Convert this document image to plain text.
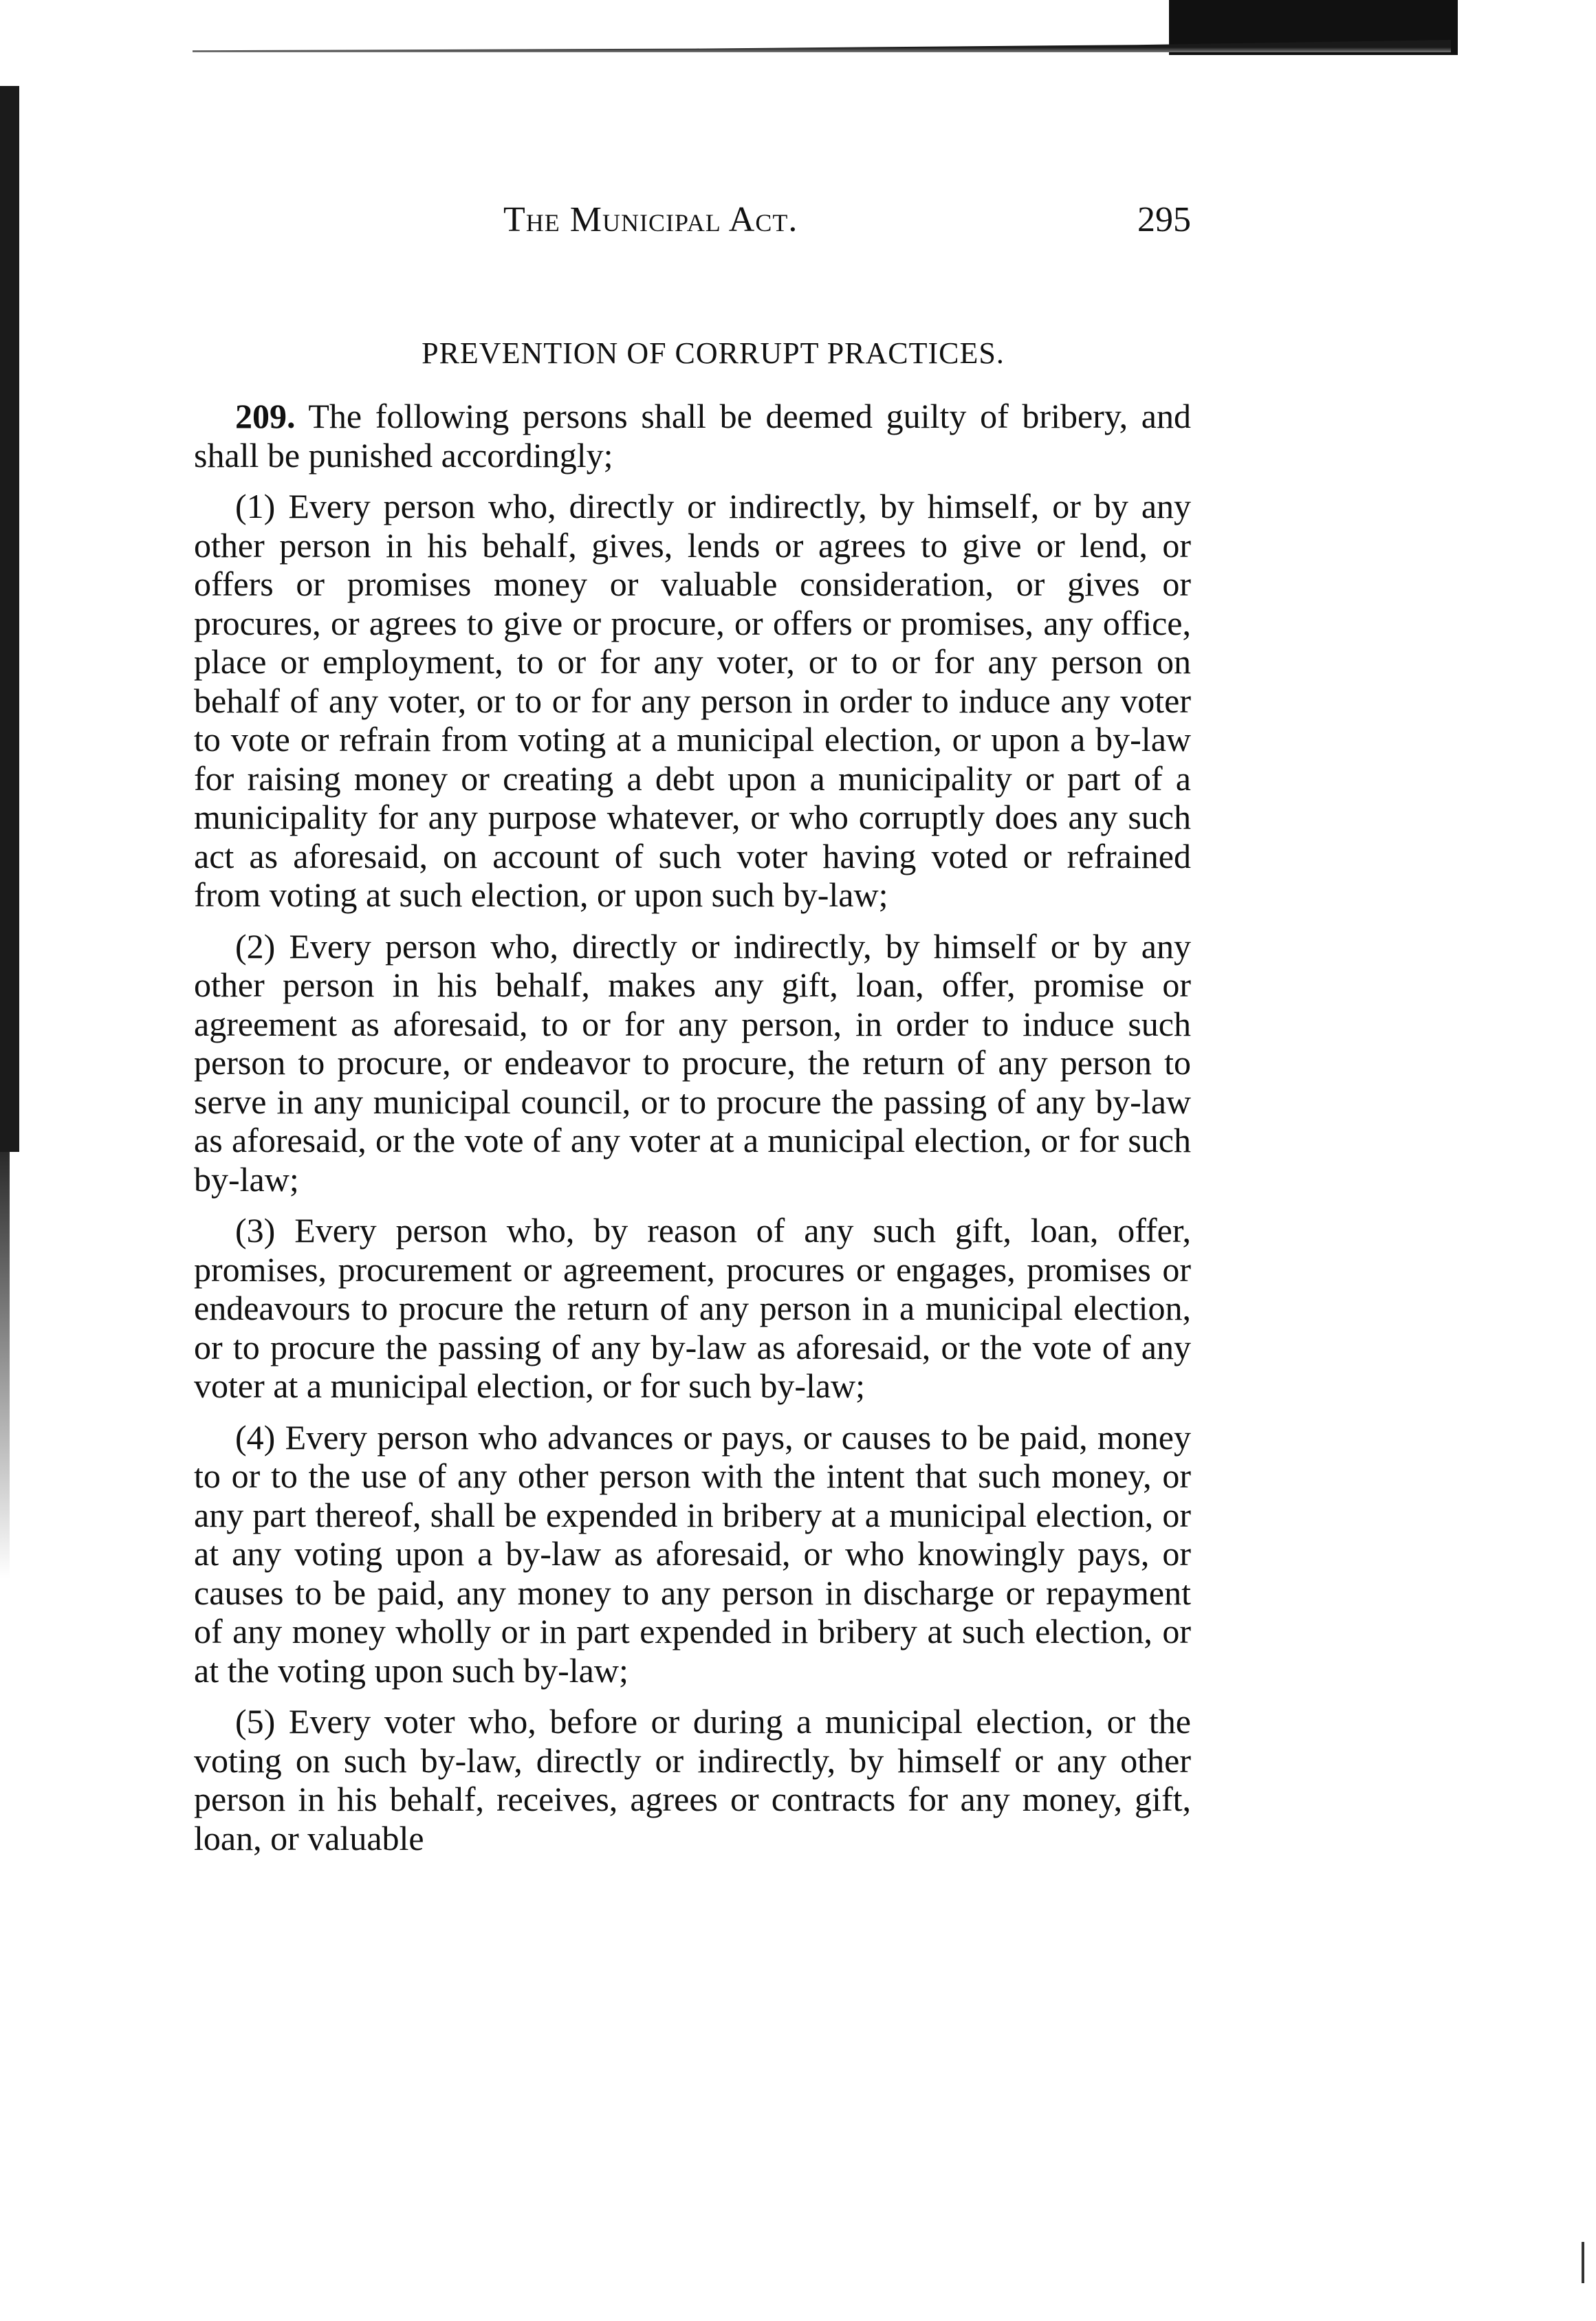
The Municipal Act.	295
PREVENTION OF CORRUPT PRACTICES.

209. The following persons shall be deemed guilty of bribery, and shall be punished accordingly;

(1) Every person who, directly or indirectly, by himself, or by any other person in his behalf, gives, lends or agrees to give or lend, or offers or promises money or valuable consideration, or gives or procures, or agrees to give or procure, or offers or promises, any office, place or employment, to or for any voter, or to or for any person on behalf of any voter, or to or for any person in order to induce any voter to vote or refrain from voting at a municipal election, or upon a by-law for raising money or creating a debt upon a municipality or part of a municipality for any purpose whatever, or who corruptly does any such act as aforesaid, on account of such voter having voted or refrained from voting at such election, or upon such by-law;

(2) Every person who, directly or indirectly, by himself or by any other person in his behalf, makes any gift, loan, offer, promise or agreement as aforesaid, to or for any person, in order to induce such person to procure, or endeavor to procure, the return of any person to serve in any municipal council, or to procure the passing of any by-law as aforesaid, or the vote of any voter at a municipal election, or for such by-law;

(3) Every person who, by reason of any such gift, loan, offer, promises, procurement or agreement, procures or engages, promises or endeavours to procure the return of any person in a municipal election, or to procure the passing of any by-law as aforesaid, or the vote of any voter at a municipal election, or for such by-law;

(4) Every person who advances or pays, or causes to be paid, money to or to the use of any other person with the intent that such money, or any part thereof, shall be expended in bribery at a municipal election, or at any voting upon a by-law as aforesaid, or who knowingly pays, or causes to be paid, any money to any person in discharge or repayment of any money wholly or in part expended in bribery at such election, or at the voting upon such by-law;

(5) Every voter who, before or during a municipal election, or the voting on such by-law, directly or indirectly, by himself or any other person in his behalf, receives, agrees or contracts for any money, gift, loan, or valuable
